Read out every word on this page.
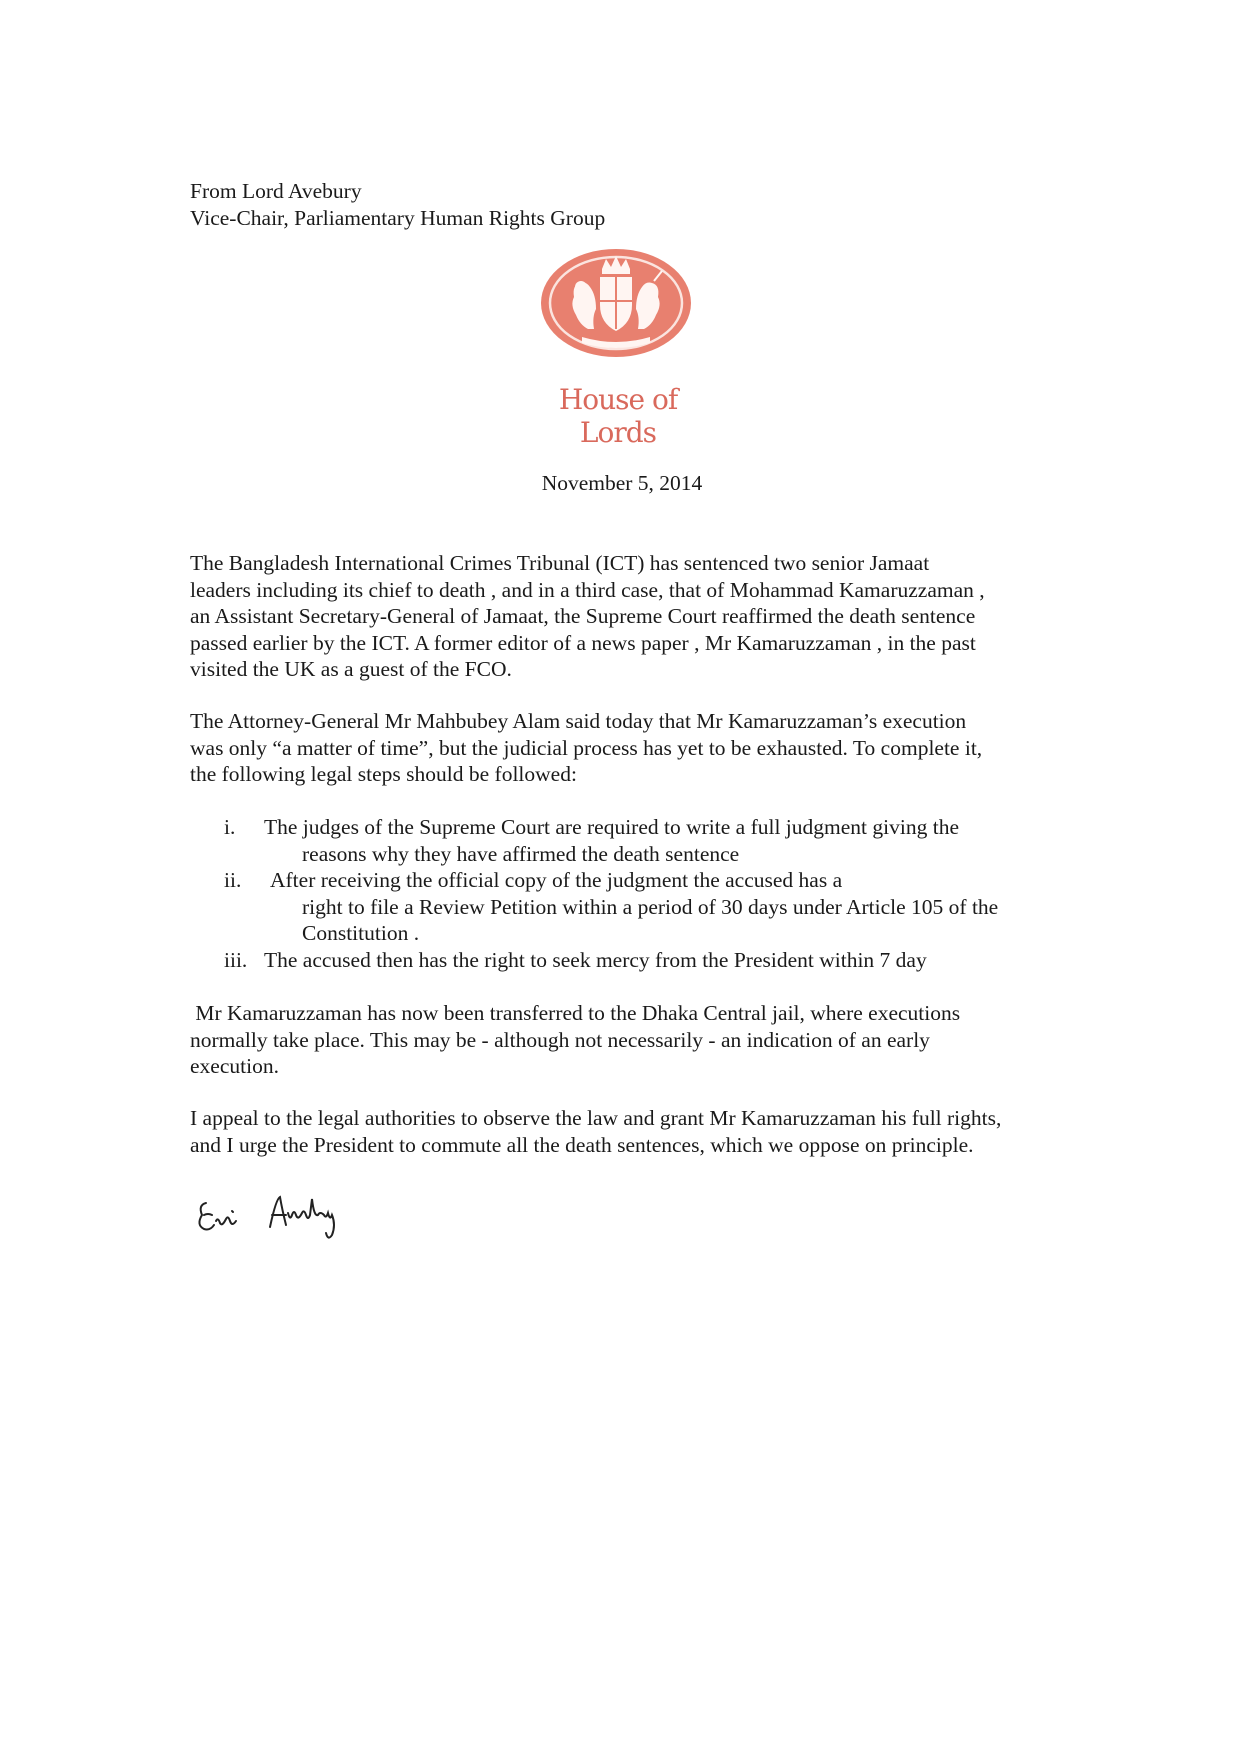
From Lord Avebury
Vice-Chair, Parliamentary Human Rights Group
House of Lords
November 5, 2014
The Bangladesh International Crimes Tribunal (ICT) has sentenced two senior Jamaat
leaders including its chief to death , and in a third case, that of Mohammad Kamaruzzaman ,
an Assistant Secretary-General of Jamaat, the Supreme Court reaffirmed the death sentence
passed earlier by the ICT. A former editor of a news paper , Mr Kamaruzzaman , in the past
visited the UK as a guest of the FCO.
The Attorney-General Mr Mahbubey Alam said today that Mr Kamaruzzaman’s execution
was only “a matter of time”, but the judicial process has yet to be exhausted. To complete it,
the following legal steps should be followed:
i.	The judges of the Supreme Court are required to write a full judgment giving the
reasons why they have affirmed the death sentence
ii.	After receiving the official copy of the judgment the accused has a
right to file a Review Petition within a period of 30 days under Article 105 of the
Constitution .
iii. The accused then has the right to seek mercy from the President within 7 day
Mr Kamaruzzaman has now been transferred to the Dhaka Central jail, where executions
normally take place. This may be - although not necessarily - an indication of an early
execution.
I appeal to the legal authorities to observe the law and grant Mr Kamaruzzaman his full rights,
and I urge the President to commute all the death sentences, which we oppose on principle.
